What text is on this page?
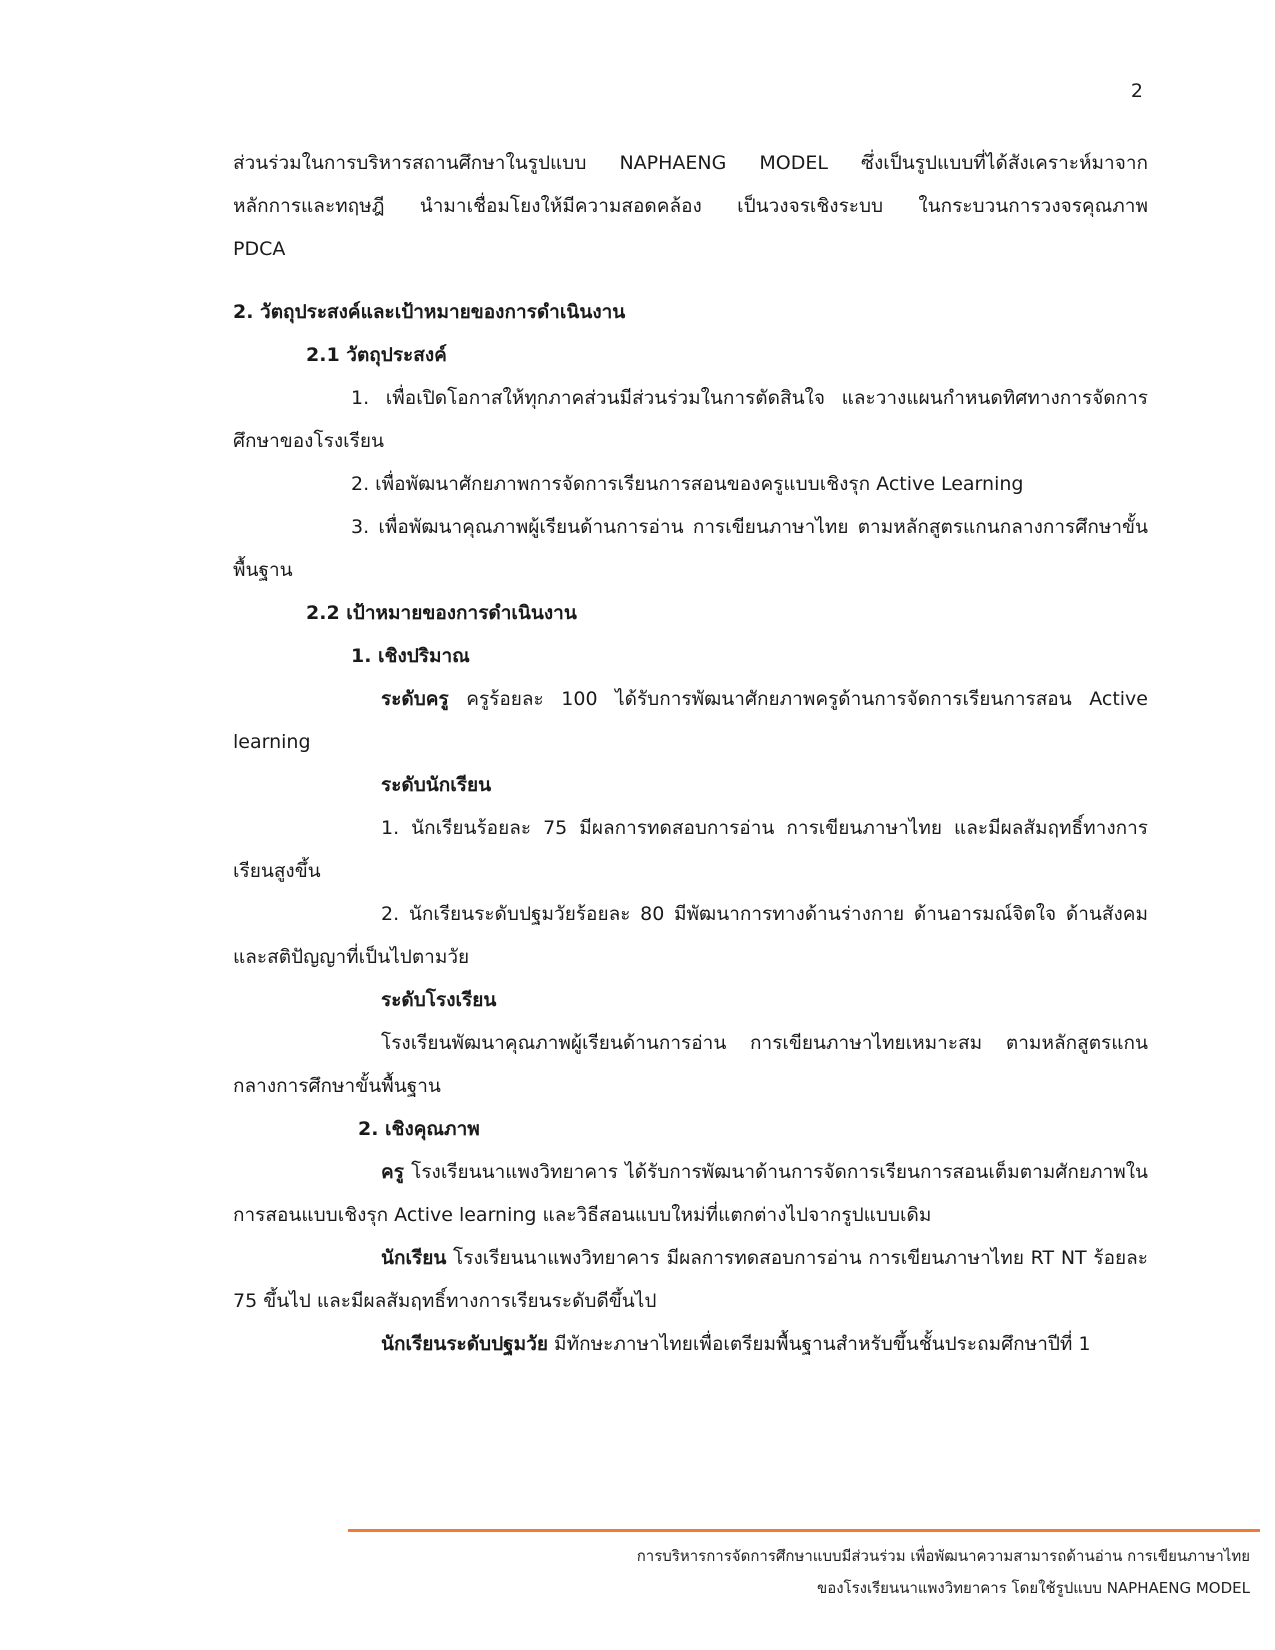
2

ส่วนร่วมในการบริหารสถานศึกษาในรูปแบบ NAPHAENG MODEL ซึ่งเป็นรูปแบบที่ได้สังเคราะห์มาจาก

หลักการและทฤษฎี นำมาเชื่อมโยงให้มีความสอดคล้อง เป็นวงจรเชิงระบบ ในกระบวนการวงจรคุณภาพ

PDCA

2. วัตถุประสงค์และเป้าหมายของการดำเนินงาน

2.1 วัตถุประสงค์

1. เพื่อเปิดโอกาสให้ทุกภาคส่วนมีส่วนร่วมในการตัดสินใจ และวางแผนกำหนดทิศทางการจัดการศึกษาของโรงเรียน

2. เพื่อพัฒนาศักยภาพการจัดการเรียนการสอนของครูแบบเชิงรุก Active Learning

3. เพื่อพัฒนาคุณภาพผู้เรียนด้านการอ่าน การเขียนภาษาไทย ตามหลักสูตรแกนกลางการศึกษาขั้นพื้นฐาน

2.2 เป้าหมายของการดำเนินงาน

1. เชิงปริมาณ

ระดับครู ครูร้อยละ 100 ได้รับการพัฒนาศักยภาพครูด้านการจัดการเรียนการสอน Active learning

ระดับนักเรียน

1. นักเรียนร้อยละ 75 มีผลการทดสอบการอ่าน การเขียนภาษาไทย และมีผลสัมฤทธิ์ทางการเรียนสูงขึ้น

2. นักเรียนระดับปฐมวัยร้อยละ 80 มีพัฒนาการทางด้านร่างกาย ด้านอารมณ์จิตใจ ด้านสังคม และสติปัญญาที่เป็นไปตามวัย

ระดับโรงเรียน

โรงเรียนพัฒนาคุณภาพผู้เรียนด้านการอ่าน การเขียนภาษาไทยเหมาะสม ตามหลักสูตรแกนกลางการศึกษาขั้นพื้นฐาน

2. เชิงคุณภาพ

ครู โรงเรียนนาแพงวิทยาคาร ได้รับการพัฒนาด้านการจัดการเรียนการสอนเต็มตามศักยภาพในการสอนแบบเชิงรุก Active learning และวิธีสอนแบบใหม่ที่แตกต่างไปจากรูปแบบเดิม

นักเรียน โรงเรียนนาแพงวิทยาคาร มีผลการทดสอบการอ่าน การเขียนภาษาไทย RT NT ร้อยละ 75 ขึ้นไป และมีผลสัมฤทธิ์ทางการเรียนระดับดีขึ้นไป

นักเรียนระดับปฐมวัย มีทักษะภาษาไทยเพื่อเตรียมพื้นฐานสำหรับขึ้นชั้นประถมศึกษาปีที่ 1

การบริหารการจัดการศึกษาแบบมีส่วนร่วม เพื่อพัฒนาความสามารถด้านอ่าน การเขียนภาษาไทย
ของโรงเรียนนาแพงวิทยาคาร โดยใช้รูปแบบ NAPHAENG MODEL
